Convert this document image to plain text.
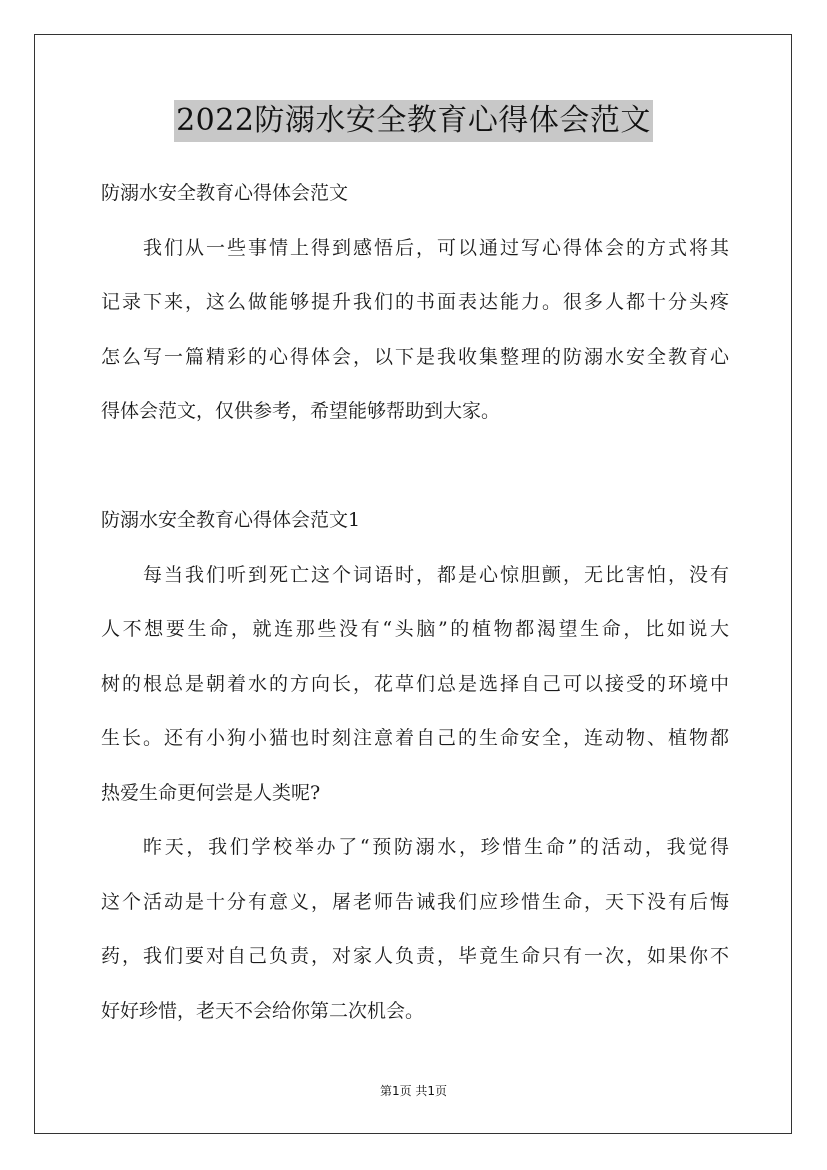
2022防溺水安全教育心得体会范文
防溺水安全教育心得体会范文
我们从一些事情上得到感悟后，可以通过写心得体会的方式将其
记录下来，这么做能够提升我们的书面表达能力。很多人都十分头疼
怎么写一篇精彩的心得体会，以下是我收集整理的防溺水安全教育心
得体会范文，仅供参考，希望能够帮助到大家。
防溺水安全教育心得体会范文1
每当我们听到死亡这个词语时，都是心惊胆颤，无比害怕，没有
人不想要生命，就连那些没有“头脑”的植物都渴望生命，比如说大
树的根总是朝着水的方向长，花草们总是选择自己可以接受的环境中
生长。还有小狗小猫也时刻注意着自己的生命安全，连动物、植物都
热爱生命更何尝是人类呢?
昨天，我们学校举办了“预防溺水，珍惜生命”的活动，我觉得
这个活动是十分有意义，屠老师告诫我们应珍惜生命，天下没有后悔
药，我们要对自己负责，对家人负责，毕竟生命只有一次，如果你不
好好珍惜，老天不会给你第二次机会。
第1页 共1页
